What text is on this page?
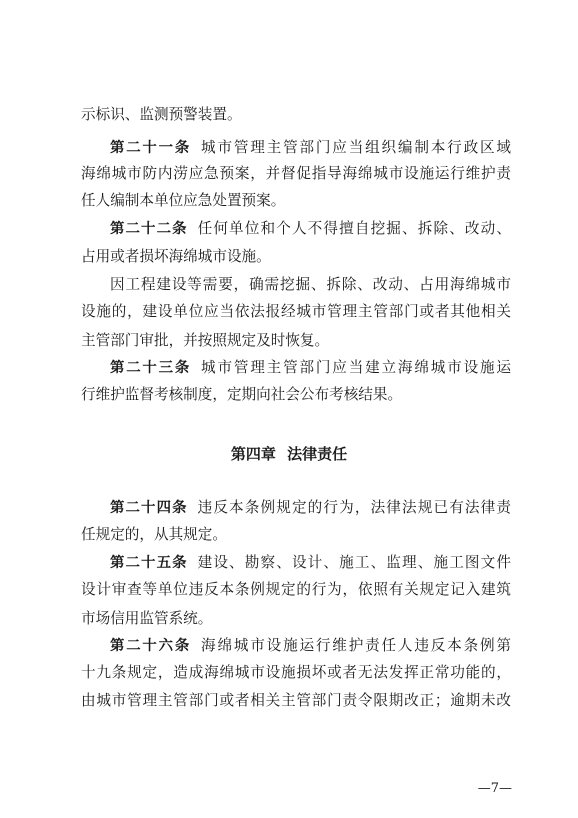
示标识、监测预警装置。
第二十一条 城市管理主管部门应当组织编制本行政区域
海绵城市防内涝应急预案，并督促指导海绵城市设施运行维护责
任人编制本单位应急处置预案。
第二十二条 任何单位和个人不得擅自挖掘、拆除、改动、
占用或者损坏海绵城市设施。
因工程建设等需要，确需挖掘、拆除、改动、占用海绵城市
设施的，建设单位应当依法报经城市管理主管部门或者其他相关
主管部门审批，并按照规定及时恢复。
第二十三条 城市管理主管部门应当建立海绵城市设施运
行维护监督考核制度，定期向社会公布考核结果。
第四章 法律责任
第二十四条 违反本条例规定的行为，法律法规已有法律责
任规定的，从其规定。
第二十五条 建设、勘察、设计、施工、监理、施工图文件
设计审查等单位违反本条例规定的行为，依照有关规定记入建筑
市场信用监管系统。
第二十六条 海绵城市设施运行维护责任人违反本条例第
十九条规定，造成海绵城市设施损坏或者无法发挥正常功能的，
由城市管理主管部门或者相关主管部门责令限期改正；逾期未改
—7—
